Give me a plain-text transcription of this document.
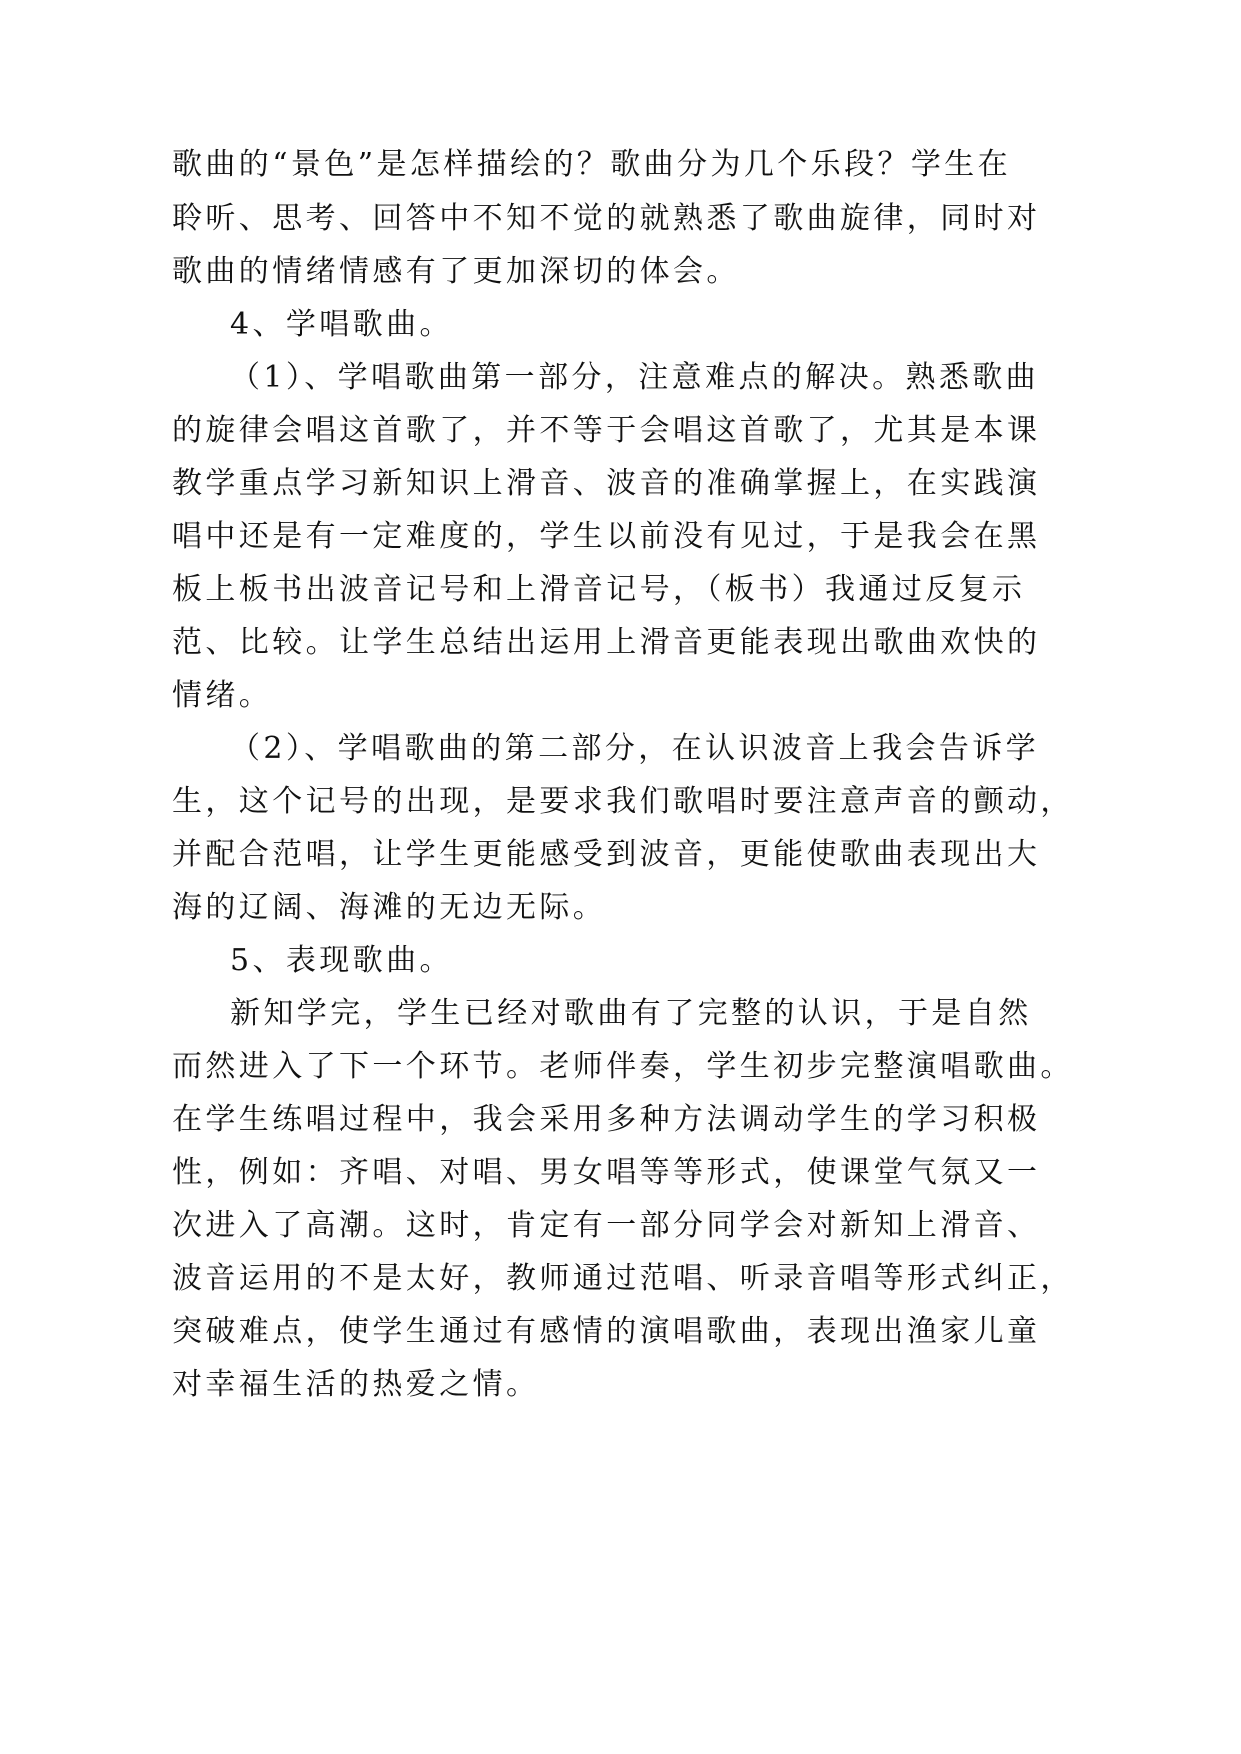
歌曲的“景色”是怎样描绘的？歌曲分为几个乐段？学生在
聆听、思考、回答中不知不觉的就熟悉了歌曲旋律，同时对
歌曲的情绪情感有了更加深切的体会。
4、学唱歌曲。
（1）、学唱歌曲第一部分，注意难点的解决。熟悉歌曲
的旋律会唱这首歌了，并不等于会唱这首歌了，尤其是本课
教学重点学习新知识上滑音、波音的准确掌握上，在实践演
唱中还是有一定难度的，学生以前没有见过，于是我会在黑
板上板书出波音记号和上滑音记号，（板书）我通过反复示
范、比较。让学生总结出运用上滑音更能表现出歌曲欢快的
情绪。
（2）、学唱歌曲的第二部分，在认识波音上我会告诉学
生，这个记号的出现，是要求我们歌唱时要注意声音的颤动，
并配合范唱，让学生更能感受到波音，更能使歌曲表现出大
海的辽阔、海滩的无边无际。
5、表现歌曲。
新知学完，学生已经对歌曲有了完整的认识，于是自然
而然进入了下一个环节。老师伴奏，学生初步完整演唱歌曲。
在学生练唱过程中，我会采用多种方法调动学生的学习积极
性，例如：齐唱、对唱、男女唱等等形式，使课堂气氛又一
次进入了高潮。这时，肯定有一部分同学会对新知上滑音、
波音运用的不是太好，教师通过范唱、听录音唱等形式纠正，
突破难点，使学生通过有感情的演唱歌曲，表现出渔家儿童
对幸福生活的热爱之情。
